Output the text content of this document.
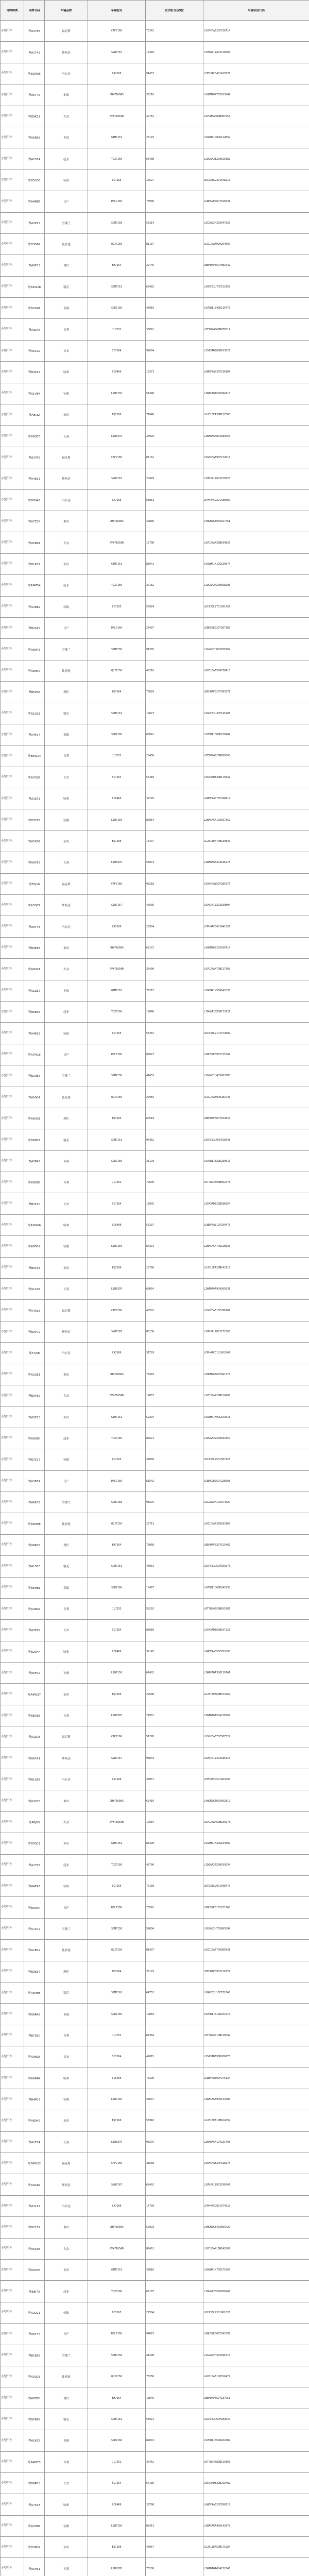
号牌种类	号牌号码	车辆品牌	车辆型号	发动机号后5位	车辆识别代码
小型汽车	粤A37E8	福克斯	CAF7160	70J41	LVSFCFAE2DF236714
小型汽车	粤A1T42	斯柯达	SVW7167	12345	LSVNG41Z4D2126683
小型汽车	粤B2M36	马自达	CA7160	91457	LFPH3ACC4D1A29735
小型汽车	粤A6T49	本田	DHW7160AS	33210	LVHGM2647D5013849
小型汽车	粤B9K21	大众	SVW7165AB	42781	LSVCH6A48DN092753
小型汽车	粤A8R56	丰田	GTM7161	28193	LVGBH41K8DG124659
小型汽车	粤A2S74	起亚	YQZ7160	66408	LJDGAA21XD0156382
小型汽车	粤B5H30	标致	DC7165	15527	LDC933L23D1548216
小型汽车	粤A4N87	日产	DFL7160	73906	LGBH52E06DY198431
小型汽车	粤A7P15	雪佛兰	SGM7158	52314	LSGJA52H3DS047826
小型汽车	粤B3D62	比亚迪	QCJ7150	81137	LGXC16AF0D0264597
小型汽车	粤A9F03	现代	BH7164	29745	LBEHDAFB5DY081642
小型汽车	粤A5W28	别克	SGM7161	60482	LSGPC52U7DF132958
小型汽车	粤B7G91	奇瑞	SQR7160	47019	LVVDB11B4DD215473
小型汽车	粤A3L46	吉利	JL7152	35861	L6T7824S6DN078319
小型汽车	粤A6C19	长安	SC7164	92604	LS5A3ADE8DB163027
小型汽车	粤B4X57	哈弗	CC6460	18273	LGWEF4A53DF236184
小型汽车	粤A1V84	宝骏	LZW7150	54390	LZWACAGA5D6094718
小型汽车	粤A8J32	东风	EQ7160	71648	LGJE13EA3DM127365
小型汽车	粤B6Q70	五菱	LZW6376	30925	LZWADAGA8D4183956
小型汽车	粤A2Y65	福克斯	CAF7160	86152	LVSHCFAE9DF274013
小型汽车	粤A4E13	斯柯达	SVW7167	23479	LSVNJ41Z6D2158720
小型汽车	粤B8U48	马自达	CA7160	65013	LFPH4ACC2D1A30587
小型汽车	粤A7Z26	本田	DHW7160AS	49836	LVHGM2659D5027461
小型汽车	粤A5B91	大众	SVW7165AB	12708	LSVCJ6A43DN104826
小型汽车	粤B1K37	丰田	GTM7161	83541	LVGBH41K1DG139074
小型汽车	粤A9M54	起亚	YQZ7160	37162	LJDGAA24XD0168295
小型汽车	粤A3R82	标致	DC7165	58924	LDC933L27D1561439
小型汽车	粤B2S19	日产	DFL7160	26407	LGBH52E02DY207185
小型汽车	粤A6H73	雪佛兰	SGM7158	91385	LSGJA52H8DS059362
小型汽车	粤A8N40	比亚迪	QCJ7150	40216	LGXC16AF5D0278413
小型汽车	粤B5P68	现代	BH7164	75829	LBEHDAFB2DY093571
小型汽车	粤A1D25	别克	SGM7161	14673	LSGPC52U3DF145206
小型汽车	粤A4F97	奇瑞	SQR7160	63091	LVVDB11B8DD228947
小型汽车	粤B9W14	吉利	JL7152	28450	L6T7824S2DN089563
小型汽车	粤A7G38	长安	SC7164	57318	LS5A3ADE4DB175832
小型汽车	粤A2L61	哈弗	CC6460	39726	LGWEF4A57DF248619
小型汽车	粤B3C85	宝骏	LZW7150	82054	LZWACAGA1D6107352
小型汽车	粤A5X09	东风	EQ7160	16497	LGJE13EA7DM139840
小型汽车	粤A9V52	五菱	LZW6376	54873	LZWADAGA4D4196278
小型汽车	粤B7J16	福克斯	CAF7160	93218	LVSHCFAE5DF285376
小型汽车	粤A3Q79	斯柯达	SVW7167	47605	LSVNJ41Z2D2169804
小型汽车	粤A6Y43	马自达	CA7160	20934	LFPH4ACC6D1A41259
小型汽车	粤B4E88	本田	DHW7160AS	68172	LVHGM2652D5039714
小型汽车	粤A8U21	大众	SVW7165AB	35490	LSVCJ6A47DN117568
小型汽车	粤A1Z67	丰田	GTM7161	79215	LVGBH41K5DG142836
小型汽车	粤B6B35	起亚	YQZ7160	12846	LJDGAA28XD0173921
小型汽车	粤A4K92	标致	DC7165	56381	LDC933L21D1574602
小型汽车	粤A7M18	日产	DFL7160	83027	LGBH52E09DY215347
小型汽车	粤B2R56	雪佛兰	SGM7158	41653	LSGJA52H4DS063185
小型汽车	粤A5S04	比亚迪	QCJ7150	27984	LGXC16AF9D0282746
小型汽车	粤A9H31	现代	BH7164	60519	LBEHDAFB6DY104827
小型汽车	粤B8N77	别克	SGM7161	94362	LSGPC52U9DF158341
小型汽车	粤A2P45	奇瑞	SQR7160	35178	LVVDB11B2DD239615
小型汽车	粤A6D83	吉利	JL7152	72640	L6T7824S9DN092478
小型汽车	粤B1F20	长安	SC7164	18935	LS5A3ADE2DB186054
小型汽车	粤A3W66	哈弗	CC6460	57207	LGWEF4A51DF259473
小型汽车	粤A8G14	宝骏	LZW7150	84391	LZWACAGA7D6118526
小型汽车	粤B5L59	东风	EQ7160	23768	LGJE13EA2DM142917
小型汽车	粤A1C97	五菱	LZW6376	69054	LZWADAGA9D4205631
小型汽车	粤A4X36	福克斯	CAF7160	40582	LVSHCFAE1DF296184
小型汽车	粤B9V72	斯柯达	SVW7167	85136	LSVNJ41Z8D2172563
小型汽车	粤A7J08	马自达	CA7160	31729	LFPH4ACC1D1A52847
小型汽车	粤A2Q51	本田	DHW7160AS	76403	LVHGM2656D5041372
小型汽车	粤B3Y89	大众	SVW7165AB	19857	LSVCJ6A42DN128496
小型汽车	粤A5E23	丰田	GTM7161	52394	LVGBH41K9DG153618
小型汽车	粤A9U60	起亚	YQZ7160	87621	LJDGAA22XD0184357
小型汽车	粤B7Z17	标致	DC7165	34089	LDC933L25D1587126
小型汽车	粤A3B74	日产	DFL7160	61542	LGBH52E05DY228903
小型汽车	粤A6K32	雪佛兰	SGM7158	98276	LSGJA52H1DS074529
小型汽车	粤B4M98	比亚迪	QCJ7150	25713	LGXC16AF3D0293168
小型汽车	粤A8R15	现代	BH7164	73058	LBEHDAFB3DY115482
小型汽车	粤A1S53	别克	SGM7161	46931	LSGPC52U5DF169275
小型汽车	粤B6H81	奇瑞	SQR7160	10467	LVVDB11B6DD242938
小型汽车	粤A4N29	吉利	JL7152	58293	L6T7824S5DN105187
小型汽车	粤A7P76	长安	SC7164	83610	LS5A3ADE6DB197325
小型汽车	粤B2D44	哈弗	CC6460	32145	LGWEF4A55DF262890
小型汽车	粤A5F92	宝骏	LZW7150	67482	LZWACAGA3D6129741
小型汽车	粤A9W37	东风	EQ7160	29508	LGJE13EA6DM153462
小型汽车	粤B8G65	五菱	LZW6376	74931	LZWADAGA5D4218367
小型汽车	粤A2L08	福克斯	CAF7160	51276	LVSHCFAE7DF307529
小型汽车	粤A6C41	斯柯达	SVW7167	96843	LSVNJ41Z4D2185316
小型汽车	粤B1X87	马自达	CA7160	38057	LFPH4ACC5D1A63294
小型汽车	粤A3V25	本田	DHW7160AS	62419	LVHGM2650D5052817
小型汽车	粤A8J63	大众	SVW7165AB	17684	LSVCJ6A46DN139275
小型汽车	粤B5Q11	丰田	GTM7161	85320	LVGBH41K3DG164892
小型汽车	粤A1Y58	起亚	YQZ7160	43796	LJDGAA26XD0195634
小型汽车	粤A4E96	标致	DC7165	70158	LDC933L29D1598473
小型汽车	粤B9U34	日产	DFL7160	26591	LGBH52E01DY231768
小型汽车	粤A7Z72	雪佛兰	SGM7158	59834	LSGJA52H7DS085294
小型汽车	粤A2B19	比亚迪	QCJ7150	81407	LGXC16AF7D0305831
小型汽车	粤B3K57	现代	BH7164	36129	LBEHDAFB9DY126374
小型汽车	粤A5M85	别克	SGM7161	64752	LSGPC52U1DF172648
小型汽车	粤A9R42	奇瑞	SQR7160	19083	LVVDB11B1DD253716
小型汽车	粤B7S90	吉利	JL7152	87364	L6T7824S1DN118542
小型汽车	粤A3H26	长安	SC7164	42815	LS5A3ADE9DB208673
小型汽车	粤A6N64	哈弗	CC6460	75290	LGWEF4A59DF275134
小型汽车	粤B4P03	宝骏	LZW7150	28647	LZWACAGA9D6132085
小型汽车	粤A8D47	东风	EQ7160	53918	LGJE13EA1DM164759
小型汽车	粤A1F84	五菱	LZW6376	96275	LZWADAGA1D4221493
小型汽车	粤B6W22	福克斯	CAF7160	31568	LVSHCFAE3DF318276
小型汽车	粤A4G69	斯柯达	SVW7167	68402	LSVNJ41Z9D2196347
小型汽车	粤A7L15	马自达	CA7160	14739	LFPH4ACC9D1A74518
小型汽车	粤B2C52	本田	DHW7160AS	57023	LVHGM2654D5063429
小型汽车	粤A5X98	大众	SVW7165AB	82461	LSVCJ6A41DN142807
小型汽车	粤A9V36	丰田	GTM7161	39816	LVGBH41K7DG175263
小型汽车	粤B8J73	起亚	YQZ7160	65187	LJDGAA20XD0206948
小型汽车	粤A2Q11	标致	DC7165	27504	LDC933L23D1601835
小型汽车	粤A6Y47	日产	DFL7160	94873	LGBH52E08DY242596
小型汽车	粤B1E85	雪佛兰	SGM7158	41290	LSGJA52H3DS096718
小型汽车	粤A3U23	比亚迪	QCJ7150	76358	LGXC16AF1D0316472
小型汽车	粤A8Z60	现代	BH7164	13645	LBEHDAFB5DY137951
小型汽车	粤B5B98	别克	SGM7161	58921	LSGPC52U6DF183027
小型汽车	粤A1K35	奇瑞	SQR7160	82074	LVVDB11B5DD264389
小型汽车	粤A4M73	吉利	JL7152	37462	L6T7824S8DN129165
小型汽车	粤B9R10	长安	SC7164	64139	LS5A3ADE3DB219482
小型汽车	粤A7S48	哈弗	CC6460	29786	LGWEF4A52DF286517
小型汽车	粤A2H86	宝骏	LZW7150	85413	LZWACAGA4D6143978
小型汽车	粤B3N24	东风	EQ7160	40957	LGJE13EA5DM175284
小型汽车	粤A5P61	五菱	LZW6376	73208	LZWADAGA6D4232846
